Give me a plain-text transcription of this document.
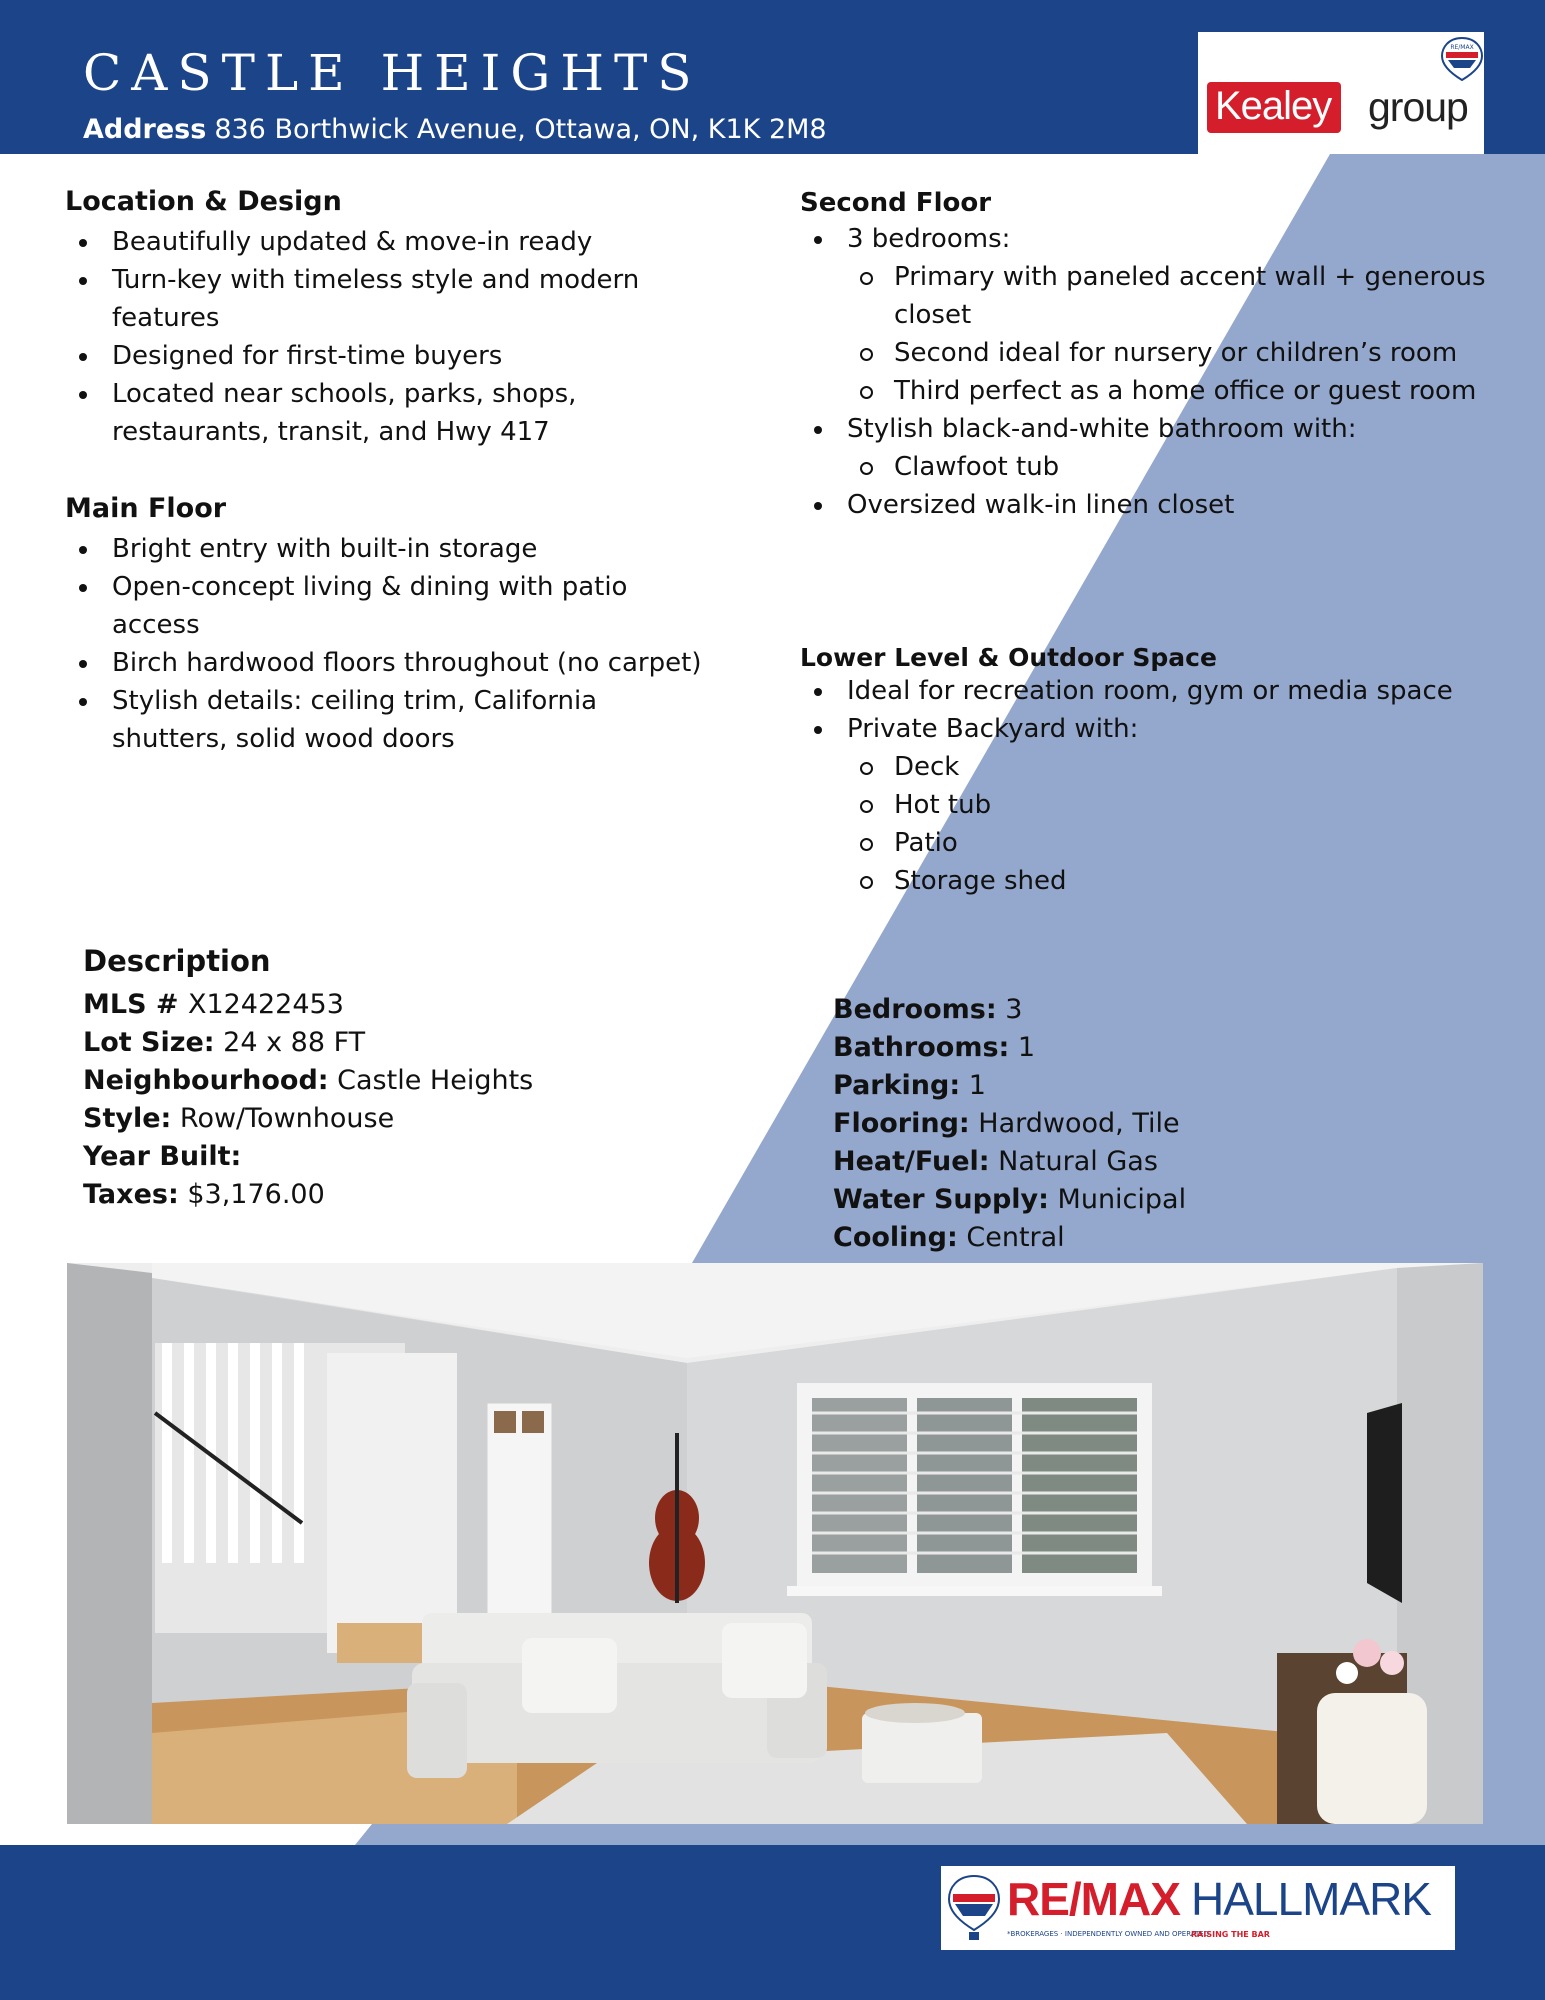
CASTLE HEIGHTS
Address 836 Borthwick Avenue, Ottawa, ON, K1K 2M8
RE/MAX
Kealey group
Location & Design
Beautifully updated & move-in ready
Turn-key with timeless style and modern features
Designed for first-time buyers
Located near schools, parks, shops, restaurants, transit, and Hwy 417
Main Floor
Bright entry with built-in storage
Open-concept living & dining with patio access
Birch hardwood floors throughout (no carpet)
Stylish details: ceiling trim, California shutters, solid wood doors
Second Floor
3 bedrooms:
Primary with paneled accent wall + generous closet
Second ideal for nursery or children’s room
Third perfect as a home office or guest room
Stylish black-and-white bathroom with:
Clawfoot tub
Oversized walk-in linen closet
Lower Level & Outdoor Space
Ideal for recreation room, gym or media space
Private Backyard with:
Deck
Hot tub
Patio
Storage shed
Description
MLS # X12422453
Lot Size: 24 x 88 FT
Neighbourhood: Castle Heights
Style: Row/Townhouse
Year Built:
Taxes: $3,176.00
Bedrooms: 3
Bathrooms: 1
Parking: 1
Flooring: Hardwood, Tile
Heat/Fuel: Natural Gas
Water Supply: Municipal
Cooling: Central
RE/MAX HALLMARK
*BROKERAGES · INDEPENDENTLY OWNED AND OPERATED
RAISING THE BAR
